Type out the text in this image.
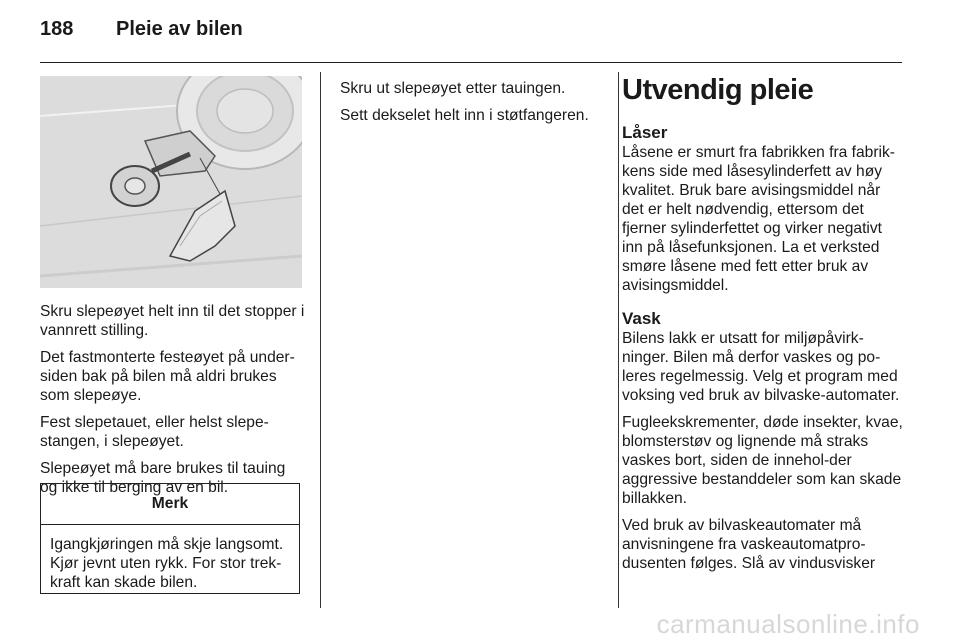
188 Pleie av bilen

Skru slepeøyet helt inn til det stopper i vannrett stilling.

Det fastmonterte festeøyet på under-siden bak på bilen må aldri brukes som slepeøye.

Fest slepetauet, eller helst slepe-stangen, i slepeøyet.

Slepeøyet må bare brukes til tauing og ikke til berging av en bil.

Merk
Igangkjøringen må skje langsomt. Kjør jevnt uten rykk. For stor trek-kraft kan skade bilen.

Skru ut slepeøyet etter tauingen.

Sett dekselet helt inn i støtfangeren.

Utvendig pleie
Låser

Låsene er smurt fra fabrikken fra fabrik-kens side med låsesylinderfett av høy kvalitet. Bruk bare avisingsmiddel når det er helt nødvendig, ettersom det fjerner sylinderfettet og virker negativt inn på låsefunksjonen. La et verksted smøre låsene med fett etter bruk av avisingsmiddel.

Vask

Bilens lakk er utsatt for miljøpåvirk-ninger. Bilen må derfor vaskes og po-leres regelmessig. Velg et program med voksing ved bruk av bilvaske-automater.

Fugleekskrementer, døde insekter, kvae, blomsterstøv og lignende må straks vaskes bort, siden de innehol-der aggressive bestanddeler som kan skade billakken.

Ved bruk av bilvaskeautomater må anvisningene fra vaskeautomatpro-dusenten følges. Slå av vindusvisker

carmanualsonline.info
